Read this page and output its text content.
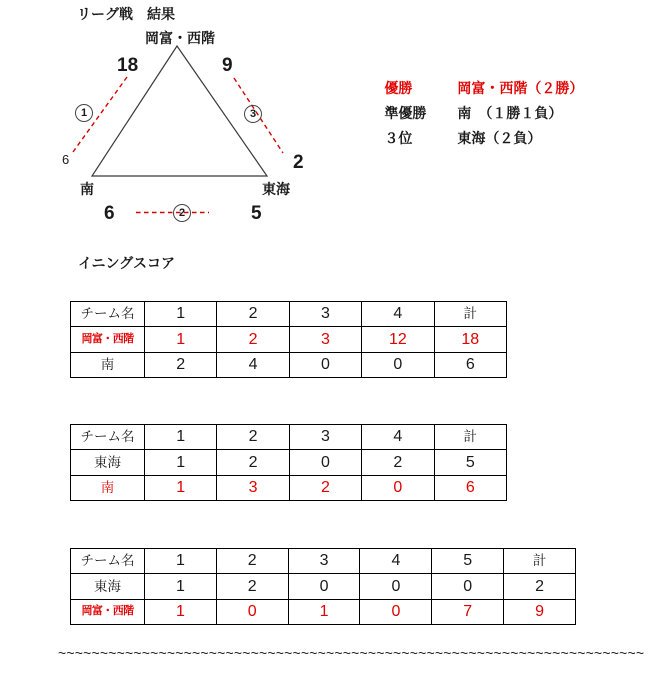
リーグ戦　結果
岡富・西階
南	東海
18	9
6	2
6	5
1	3
2

優勝	岡富・西階（２勝）

準優勝 南　（１勝１負）

３位	東海（２負）

イニングスコア
チーム名	1	2	3	4	計
岡富・西階	1	2	3	12	18
南	2	4	0	0	6
チーム名	1	2	3	4	計
東海	1	2	0	2	5
南	1	3	2	0	6
チーム名	1	2	3	4	5	計
東海	1	2	0	0	0	2
岡富・西階	1	0	1	0	7	9
~~~~~~~~~~~~~~~~~~~~~~~~~~~~~~~~~~~~~~~~~~~~~~~~~~~~~~~~~~~~~~~~~~~~~~
